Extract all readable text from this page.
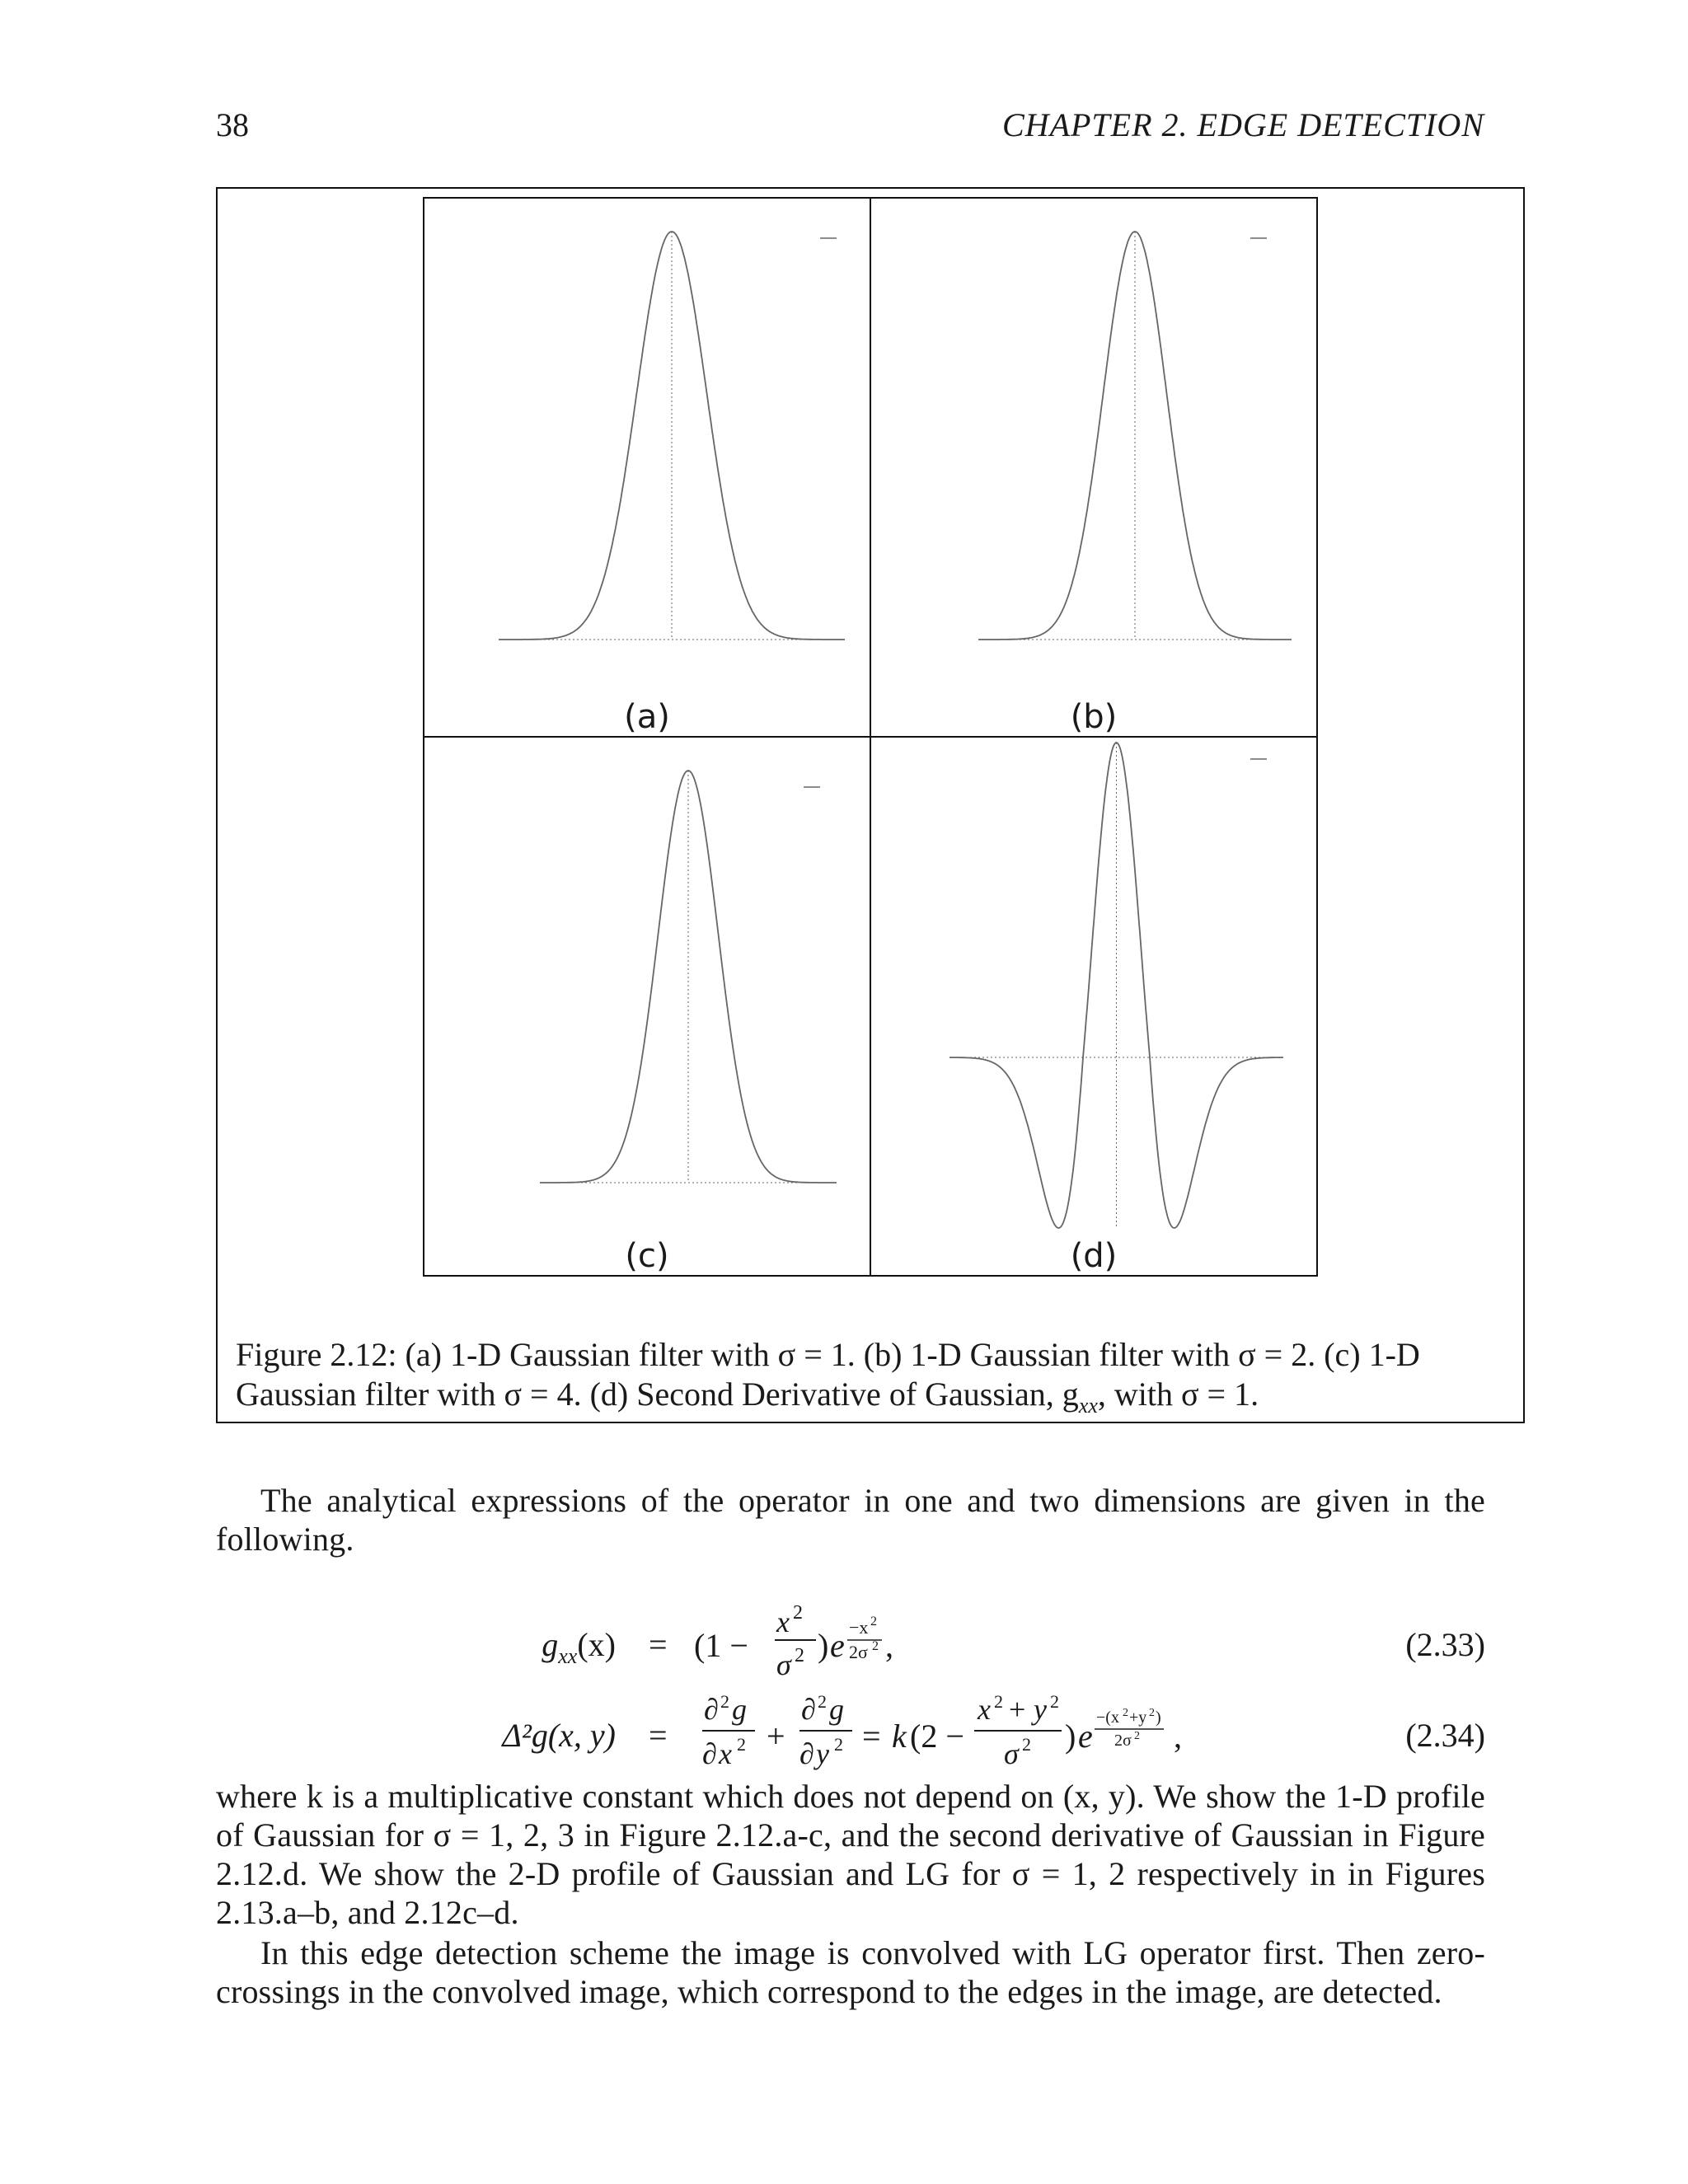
38	CHAPTER 2. EDGE DETECTION
(a)	(b)
(c)	(d)
Figure 2.12: (a) 1-D Gaussian filter with σ = 1. (b) 1-D Gaussian filter with σ = 2. (c) 1-D
Gaussian filter with σ = 4. (d) Second Derivative of Gaussian, $g_{xx}$, with σ = 1.
The analytical expressions of the operator in one and two dimensions are given in the following.
$g_{xx}(x) = (1$ −
x 2
σ 2 ) e −x 2
2σ 2 ,	(2.33)
Δ²g(x, y) =
∂ 2 g
∂ x 2 +
∂ 2 g
∂ y 2 = k (2 −
x 2 + y 2
σ 2 ) e −(x 2 +y 2 )
2σ 2 ,	(2.34)
where k is a multiplicative constant which does not depend on (x, y). We show the 1-D profile of Gaussian for σ = 1, 2, 3 in Figure 2.12.a-c, and the second derivative of Gaussian in Figure 2.12.d. We show the 2-D profile of Gaussian and LG for σ = 1, 2 respectively in in Figures 2.13.a–b, and 2.12c–d.
In this edge detection scheme the image is convolved with LG operator first. Then zero-crossings in the convolved image, which correspond to the edges in the image, are detected.
